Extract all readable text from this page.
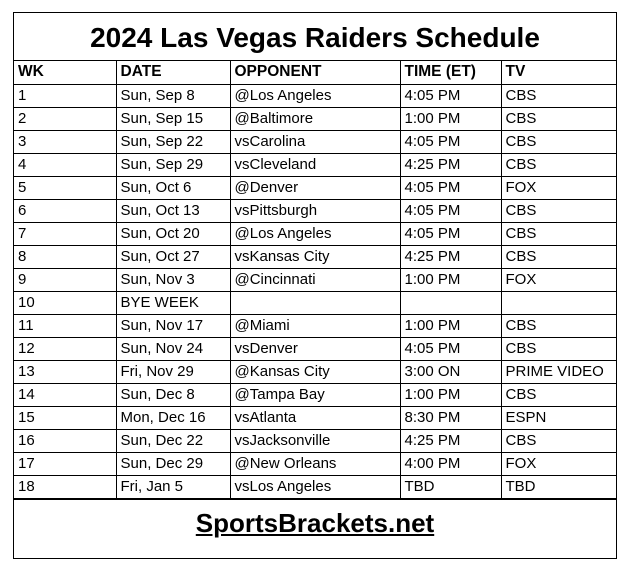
2024 Las Vegas Raiders Schedule
WK	DATE	OPPONENT	TIME (ET)	TV
1	Sun, Sep 8	@Los Angeles	4:05 PM	CBS
2	Sun, Sep 15	@Baltimore	1:00 PM	CBS
3	Sun, Sep 22	vsCarolina	4:05 PM	CBS
4	Sun, Sep 29	vsCleveland	4:25 PM	CBS
5	Sun, Oct 6	@Denver	4:05 PM	FOX
6	Sun, Oct 13	vsPittsburgh	4:05 PM	CBS
7	Sun, Oct 20	@Los Angeles	4:05 PM	CBS
8	Sun, Oct 27	vsKansas City	4:25 PM	CBS
9	Sun, Nov 3	@Cincinnati	1:00 PM	FOX
10	BYE WEEK			
11	Sun, Nov 17	@Miami	1:00 PM	CBS
12	Sun, Nov 24	vsDenver	4:05 PM	CBS
13	Fri, Nov 29	@Kansas City	3:00 ON	PRIME VIDEO
14	Sun, Dec 8	@Tampa Bay	1:00 PM	CBS
15	Mon, Dec 16	vsAtlanta	8:30 PM	ESPN
16	Sun, Dec 22	vsJacksonville	4:25 PM	CBS
17	Sun, Dec 29	@New Orleans	4:00 PM	FOX
18	Fri, Jan 5	vsLos Angeles	TBD	TBD
SportsBrackets.net
